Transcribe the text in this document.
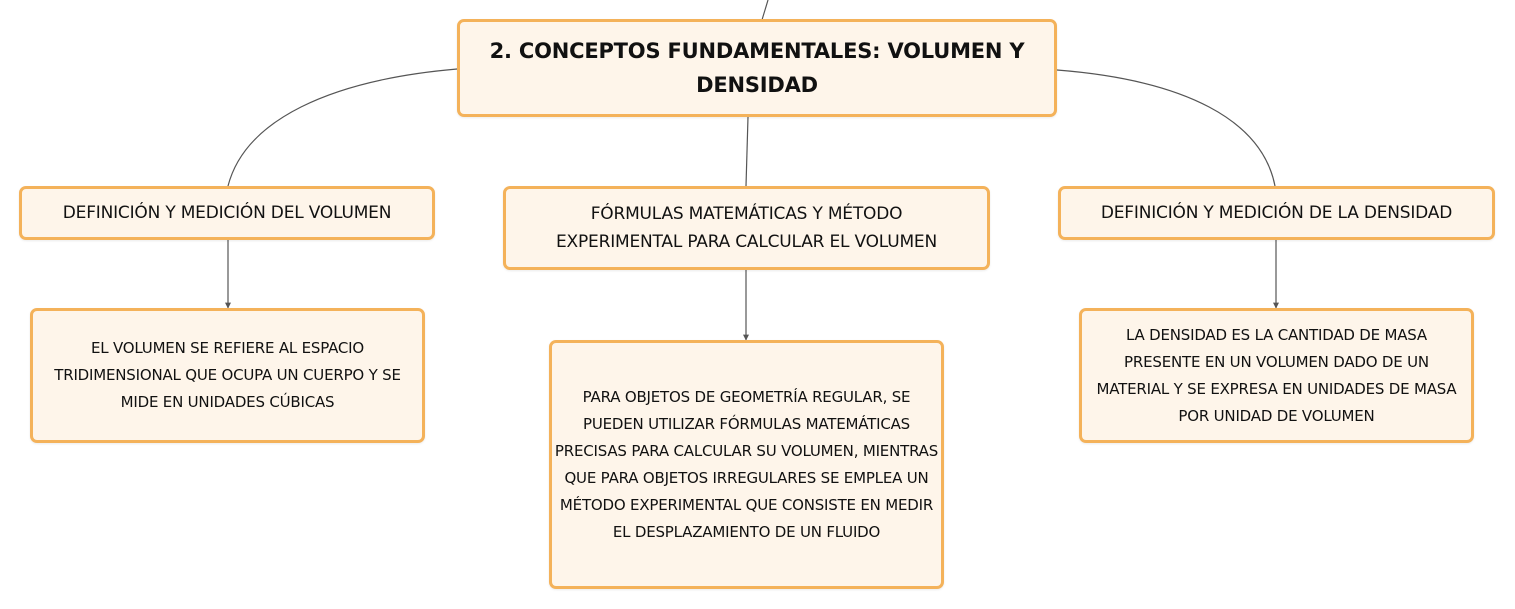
2. CONCEPTOS FUNDAMENTALES: VOLUMEN Y DENSIDAD
DEFINICIÓN Y MEDICIÓN DEL VOLUMEN	FÓRMULAS MATEMÁTICAS Y MÉTODO EXPERIMENTAL PARA CALCULAR EL VOLUMEN
DEFINICIÓN Y MEDICIÓN DE LA DENSIDAD
EL VOLUMEN SE REFIERE AL ESPACIO TRIDIMENSIONAL QUE OCUPA UN CUERPO Y SE MIDE EN UNIDADES CÚBICAS	PARA OBJETOS DE GEOMETRÍA REGULAR, SE PUEDEN UTILIZAR FÓRMULAS MATEMÁTICAS PRECISAS PARA CALCULAR SU VOLUMEN, MIENTRAS QUE PARA OBJETOS IRREGULARES SE EMPLEA UN MÉTODO EXPERIMENTAL QUE CONSISTE EN MEDIR EL DESPLAZAMIENTO DE UN FLUIDO
LA DENSIDAD ES LA CANTIDAD DE MASA PRESENTE EN UN VOLUMEN DADO DE UN MATERIAL Y SE EXPRESA EN UNIDADES DE MASA POR UNIDAD DE VOLUMEN
